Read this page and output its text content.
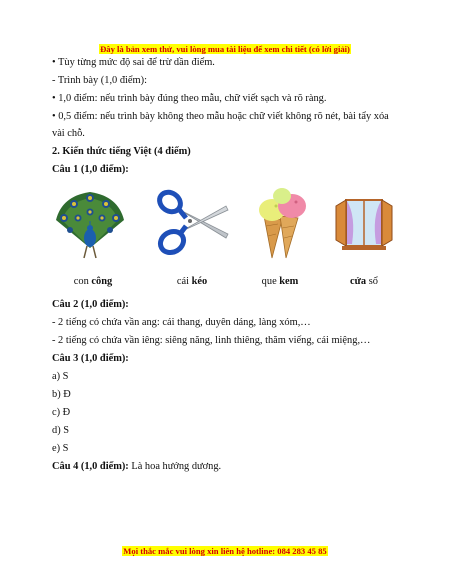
Đây là bản xem thử, vui lòng mua tài liệu để xem chi tiết (có lời giải)
• Tùy từng mức độ sai để trừ dần điểm.
- Trình bày (1,0 điểm):
• 1,0 điểm: nếu trình bày đúng theo mẫu, chữ viết sạch và rõ ràng.
• 0,5 điểm: nếu trình bày không theo mẫu hoặc chữ viết không rõ nét, bài tẩy xóa
vài chỗ.
2. Kiến thức tiếng Việt (4 điểm)
Câu 1 (1,0 điểm):
con công	cái kéo	que kem	cửa sổ
Câu 2 (1,0 điểm):
- 2 tiếng có chứa vần ang: cái thang, duyên dáng, làng xóm,…
- 2 tiếng có chứa vần iêng: siêng năng, linh thiêng, thăm viếng, cái miệng,…
Câu 3 (1,0 điểm):
a) S
b) Đ
c) Đ
d) S
e) S
Câu 4 (1,0 điểm): Là hoa hướng dương.
Mọi thắc mắc vui lòng xin liên hệ hotline: 084 283 45 85
